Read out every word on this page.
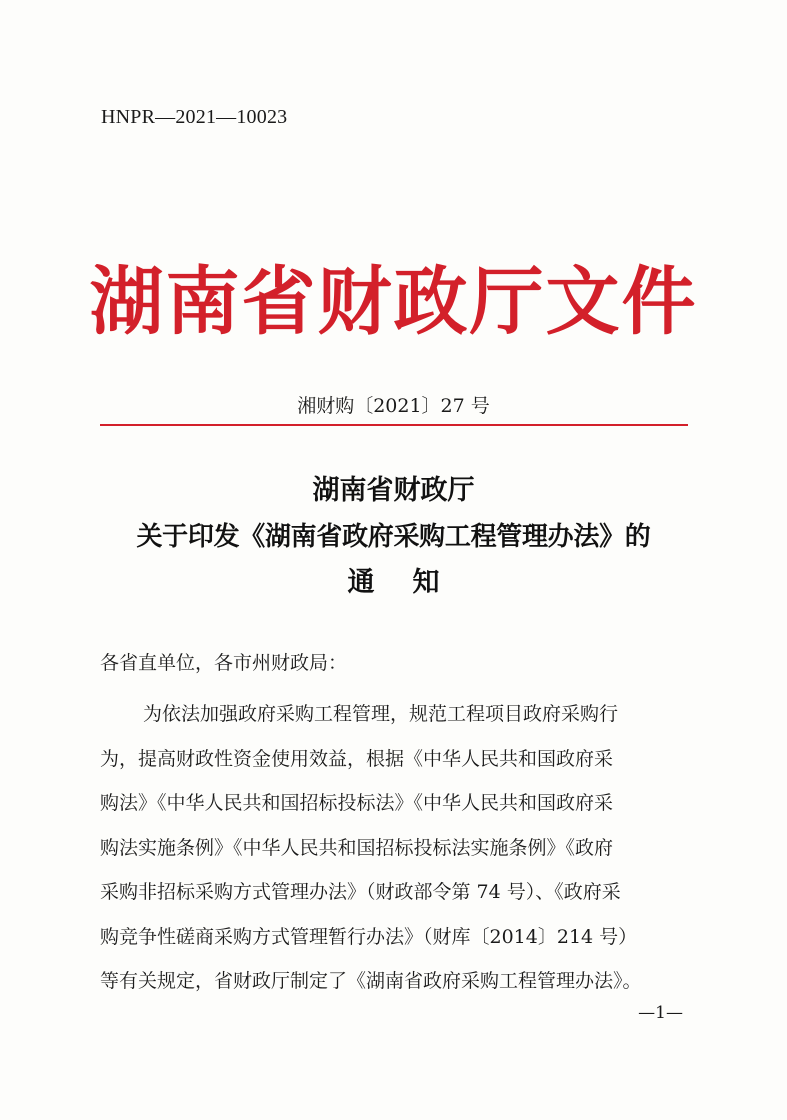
HNPR—2021—10023
湖南省财政厅文件
湘财购〔2021〕27 号
湖南省财政厅
关于印发《湖南省政府采购工程管理办法》的
通知
各省直单位，各市州财政局：
为依法加强政府采购工程管理，规范工程项目政府采购行
为，提高财政性资金使用效益，根据《中华人民共和国政府采
购法》《中华人民共和国招标投标法》《中华人民共和国政府采
购法实施条例》《中华人民共和国招标投标法实施条例》《政府
采购非招标采购方式管理办法》（财政部令第 74 号）、《政府采
购竞争性磋商采购方式管理暂行办法》（财库〔2014〕214 号）
等有关规定，省财政厅制定了《湖南省政府采购工程管理办法》。
—1—
